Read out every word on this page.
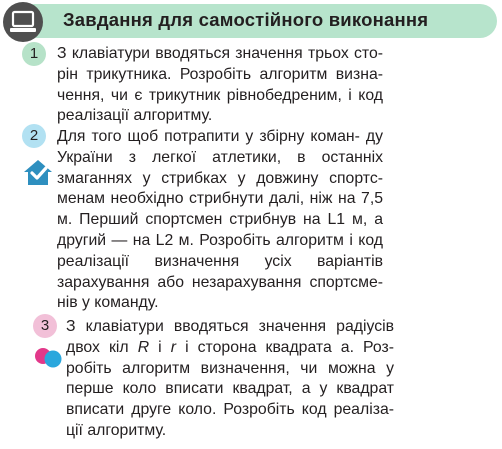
Завдання для самостійного виконання
1	З клавіатури вводяться значення трьох сто- рін трикутника. Розробіть алгоритм визна- чення, чи є трикутник рівнобедреним, і код реалізації алгоритму.
2	Для того щоб потрапити у збірну коман- ду України з легкої атлетики, в останніх змаганнях у стрибках у довжину спортс- менам необхідно стрибнути далі, ніж на 7,5 м. Перший спортсмен стрибнув на L1 м, а другий — на L2 м. Розробіть алгоритм і код реалізації визначення усіх варіантів зарахування або незарахування спортсме- нів у команду.
3	З клавіатури вводяться значення радіусів двох кіл R і r і сторона квадрата a. Роз- робіть алгоритм визначення, чи можна у перше коло вписати квадрат, а у квадрат вписати друге коло. Розробіть код реаліза- ції алгоритму.
